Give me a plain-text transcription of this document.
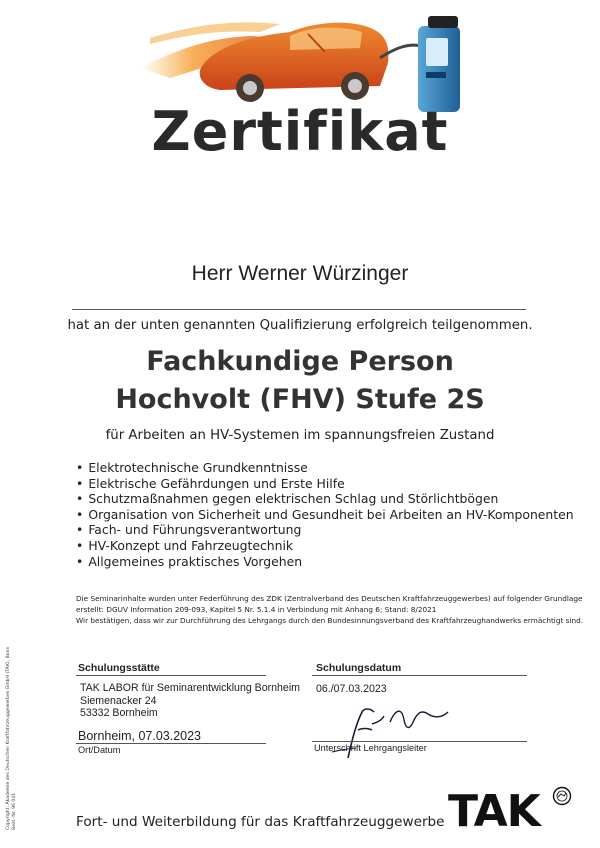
Zertifikat
Herr Werner Würzinger
hat an der unten genannten Qualifizierung erfolgreich teilgenommen.
Fachkundige Person
Hochvolt (FHV) Stufe 2S
für Arbeiten an HV-Systemen im spannungsfreien Zustand
• Elektrotechnische Grundkenntnisse
• Elektrische Gefährdungen und Erste Hilfe
• Schutzmaßnahmen gegen elektrischen Schlag und Störlichtbögen
• Organisation von Sicherheit und Gesundheit bei Arbeiten an HV-Komponenten
• Fach- und Führungsverantwortung
• HV-Konzept und Fahrzeugtechnik
• Allgemeines praktisches Vorgehen

Die Seminarinhalte wurden unter Federführung des ZDK (Zentralverband des Deutschen Kraftfahrzeuggewerbes) auf folgender Grundlage

erstellt: DGUV Information 209-093, Kapitel 5 Nr. 5.1.4 in Verbindung mit Anhang 6; Stand: 8/2021

Wir bestätigen, dass wir zur Durchführung des Lehrgangs durch den Bundesinnungsverband des Kraftfahrzeughandwerks ermächtigt sind.

Copyright: Akademie des Deutschen Kraftfahrzeuggewerbes GmbH (TAK), Bonn Best.-Nr. 96 041
Schulungsstätte
TAK LABOR für Seminarentwicklung Bornheim
Siemenacker 24
53332 Bornheim
Schulungsdatum
06./07.03.2023
Bornheim, 07.03.2023
Ort/Datum	Unterschrift Lehrgangsleiter
Fort- und Weiterbildung für das Kraftfahrzeuggewerbe TAK
